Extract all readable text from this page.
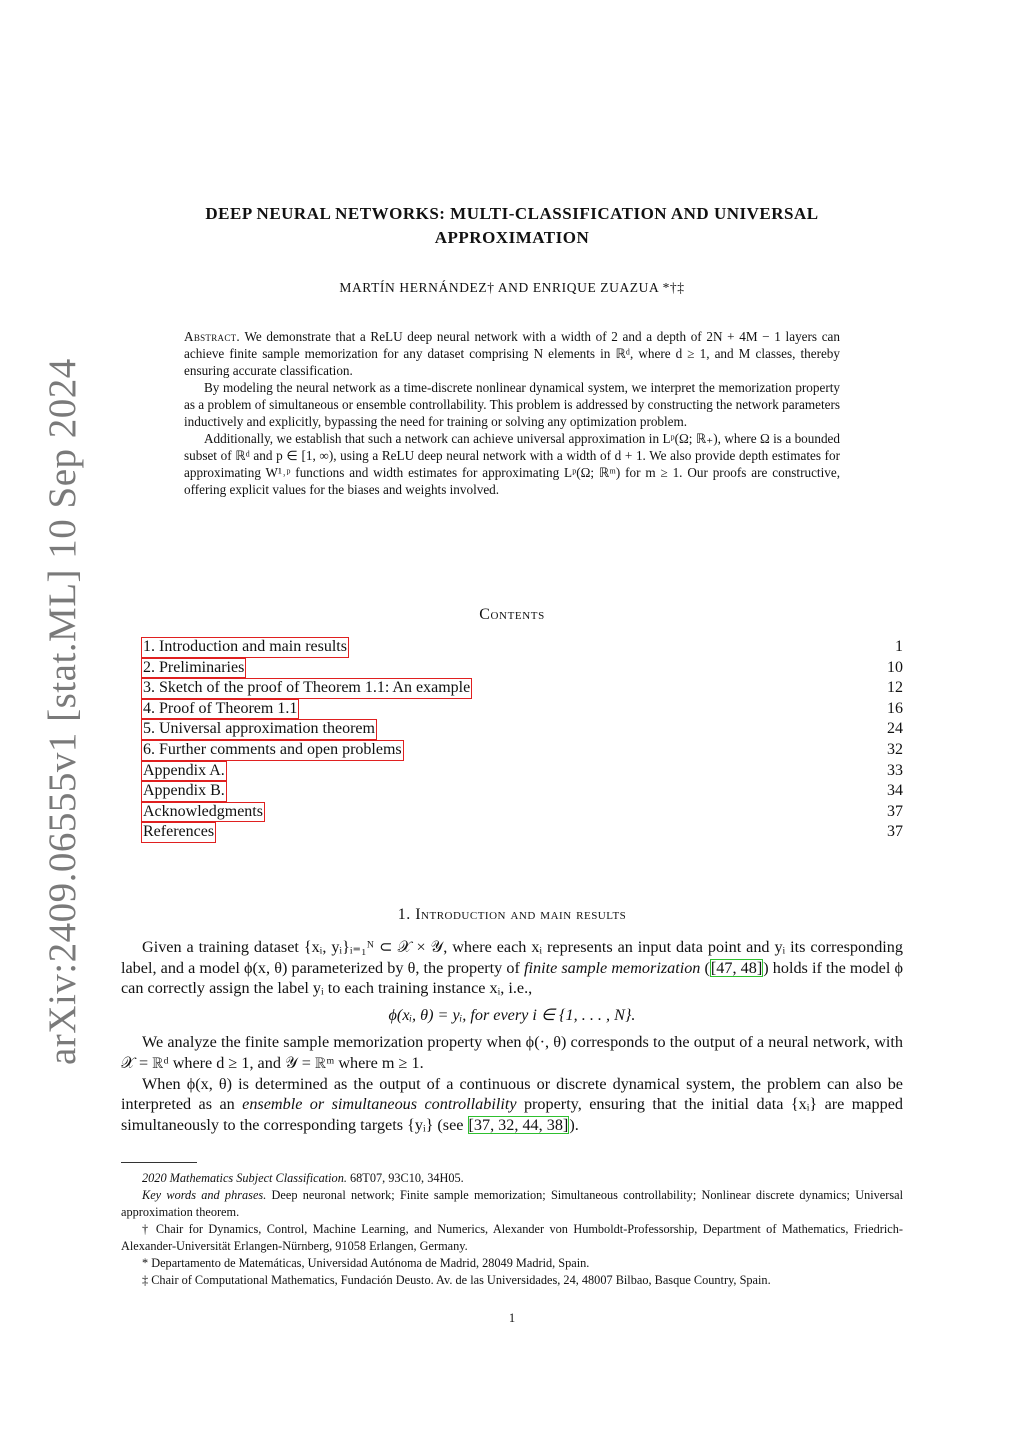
arXiv:2409.06555v1 [stat.ML] 10 Sep 2024
DEEP NEURAL NETWORKS: MULTI-CLASSIFICATION AND UNIVERSAL
APPROXIMATION
MARTÍN HERNÁNDEZ† AND ENRIQUE ZUAZUA *†‡

Abstract. We demonstrate that a ReLU deep neural network with a width of 2 and a depth of 2N + 4M − 1 layers can achieve finite sample memorization for any dataset comprising N elements in ℝᵈ, where d ≥ 1, and M classes, thereby ensuring accurate classification.

By modeling the neural network as a time-discrete nonlinear dynamical system, we interpret the memorization property as a problem of simultaneous or ensemble controllability. This problem is addressed by constructing the network parameters inductively and explicitly, bypassing the need for training or solving any optimization problem.

Additionally, we establish that such a network can achieve universal approximation in Lᵖ(Ω; ℝ₊), where Ω is a bounded subset of ℝᵈ and p ∈ [1, ∞), using a ReLU deep neural network with a width of d + 1. We also provide depth estimates for approximating W¹˒ᵖ functions and width estimates for approximating Lᵖ(Ω; ℝᵐ) for m ≥ 1. Our proofs are constructive, offering explicit values for the biases and weights involved.

Contents
1. Introduction and main results	1
2. Preliminaries	10
3. Sketch of the proof of Theorem 1.1: An example	12
4. Proof of Theorem 1.1	16
5. Universal approximation theorem	24
6. Further comments and open problems	32
Appendix A.	33
Appendix B.	34
Acknowledgments	37
References	37
1. Introduction and main results

Given a training dataset {xᵢ, yᵢ}ᵢ₌₁ᴺ ⊂ 𝒳 × 𝒴, where each xᵢ represents an input data point and yᵢ its corresponding label, and a model ϕ(x, θ) parameterized by θ, the property of finite sample memorization ([47, 48]) holds if the model ϕ can correctly assign the label yᵢ to each training instance xᵢ, i.e.,

ϕ(xᵢ, θ) = yᵢ, for every i ∈ {1, . . . , N}.

We analyze the finite sample memorization property when ϕ(·, θ) corresponds to the output of a neural network, with 𝒳 = ℝᵈ where d ≥ 1, and 𝒴 = ℝᵐ where m ≥ 1.

When ϕ(x, θ) is determined as the output of a continuous or discrete dynamical system, the problem can also be interpreted as an ensemble or simultaneous controllability property, ensuring that the initial data {xᵢ} are mapped simultaneously to the corresponding targets {yᵢ} (see [37, 32, 44, 38]).

2020 Mathematics Subject Classification. 68T07, 93C10, 34H05.

Key words and phrases. Deep neuronal network; Finite sample memorization; Simultaneous controllability; Nonlinear discrete dynamics; Universal approximation theorem.

† Chair for Dynamics, Control, Machine Learning, and Numerics, Alexander von Humboldt-Professorship, Department of Mathematics, Friedrich-Alexander-Universität Erlangen-Nürnberg, 91058 Erlangen, Germany.

* Departamento de Matemáticas, Universidad Autónoma de Madrid, 28049 Madrid, Spain.

‡ Chair of Computational Mathematics, Fundación Deusto. Av. de las Universidades, 24, 48007 Bilbao, Basque Country, Spain.

1
